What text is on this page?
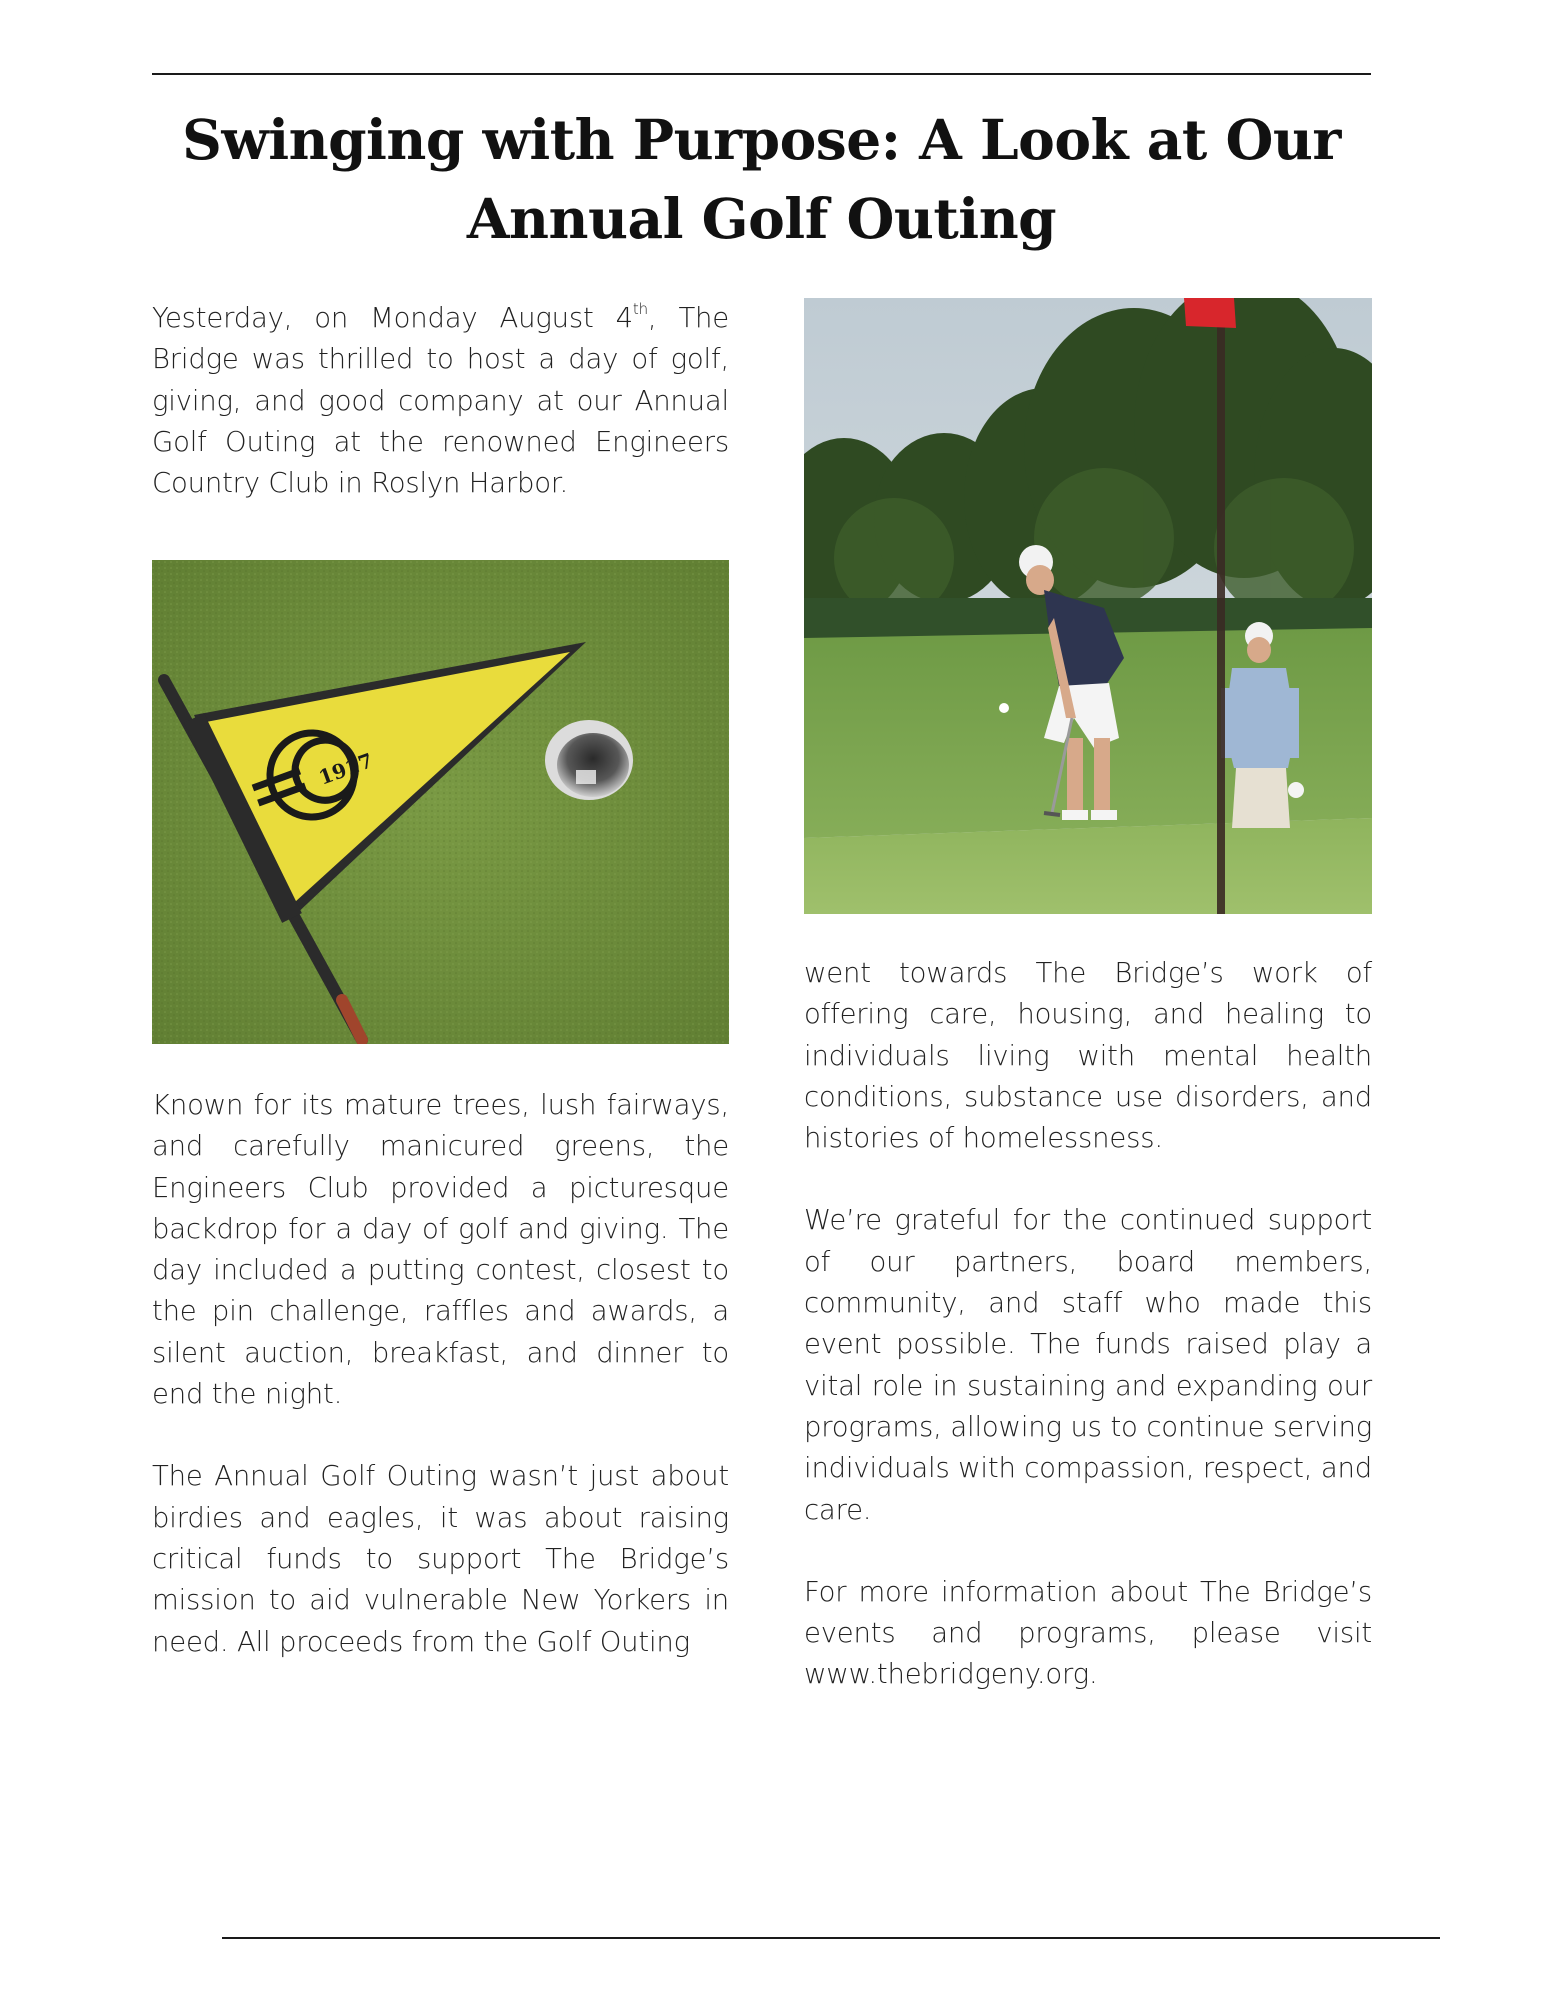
Swinging with Purpose: A Look at Our Annual Golf Outing

Yesterday, on Monday August 4th, The Bridge was thrilled to host a day of golf, giving, and good company at our Annual Golf Outing at the renowned Engineers Country Club in Roslyn Harbor.

1917

Known for its mature trees, lush fairways, and carefully manicured greens, the Engineers Club provided a picturesque backdrop for a day of golf and giving. The day included a putting contest, closest to the pin challenge, raffles and awards, a silent auction, breakfast, and dinner to end the night.

The Annual Golf Outing wasn’t just about birdies and eagles, it was about raising critical funds to support The Bridge’s mission to aid vulnerable New Yorkers in need. All proceeds from the Golf Outing

went towards The Bridge’s work of offering care, housing, and healing to individuals living with mental health conditions, substance use disorders, and histories of homelessness.

We’re grateful for the continued support of our partners, board members, community, and staff who made this event possible. The funds raised play a vital role in sustaining and expanding our programs, allowing us to continue serving individuals with compassion, respect, and care.

For more information about The Bridge’s events and programs, please visit www.thebridgeny.org.
